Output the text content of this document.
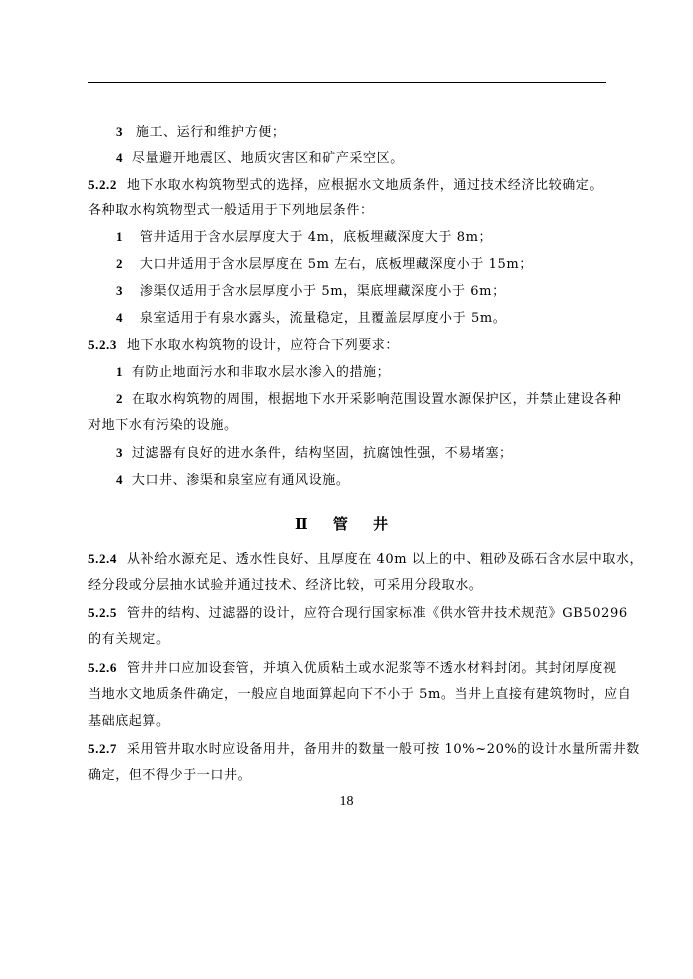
3 施工、运行和维护方便；
4 尽量避开地震区、地质灾害区和矿产采空区。
5.2.2 地下水取水构筑物型式的选择，应根据水文地质条件，通过技术经济比较确定。
各种取水构筑物型式一般适用于下列地层条件：
1 管井适用于含水层厚度大于 4m，底板埋藏深度大于 8m；
2 大口井适用于含水层厚度在 5m 左右，底板埋藏深度小于 15m；
3 渗渠仅适用于含水层厚度小于 5m，渠底埋藏深度小于 6m；
4 泉室适用于有泉水露头，流量稳定，且覆盖层厚度小于 5m。
5.2.3 地下水取水构筑物的设计，应符合下列要求：
1 有防止地面污水和非取水层水渗入的措施；
2 在取水构筑物的周围，根据地下水开采影响范围设置水源保护区，并禁止建设各种
对地下水有污染的设施。
3 过滤器有良好的进水条件，结构坚固，抗腐蚀性强，不易堵塞；
4 大口井、渗渠和泉室应有通风设施。
Ⅱ 管 井
5.2.4 从补给水源充足、透水性良好、且厚度在 40m 以上的中、粗砂及砾石含水层中取水，
经分段或分层抽水试验并通过技术、经济比较，可采用分段取水。
5.2.5 管井的结构、过滤器的设计，应符合现行国家标准《供水管井技术规范》GB50296
的有关规定。
5.2.6 管井井口应加设套管，并填入优质粘土或水泥浆等不透水材料封闭。其封闭厚度视
当地水文地质条件确定，一般应自地面算起向下不小于 5m。当井上直接有建筑物时，应自
基础底起算。
5.2.7 采用管井取水时应设备用井，备用井的数量一般可按 10%~20%的设计水量所需井数
确定，但不得少于一口井。
18
